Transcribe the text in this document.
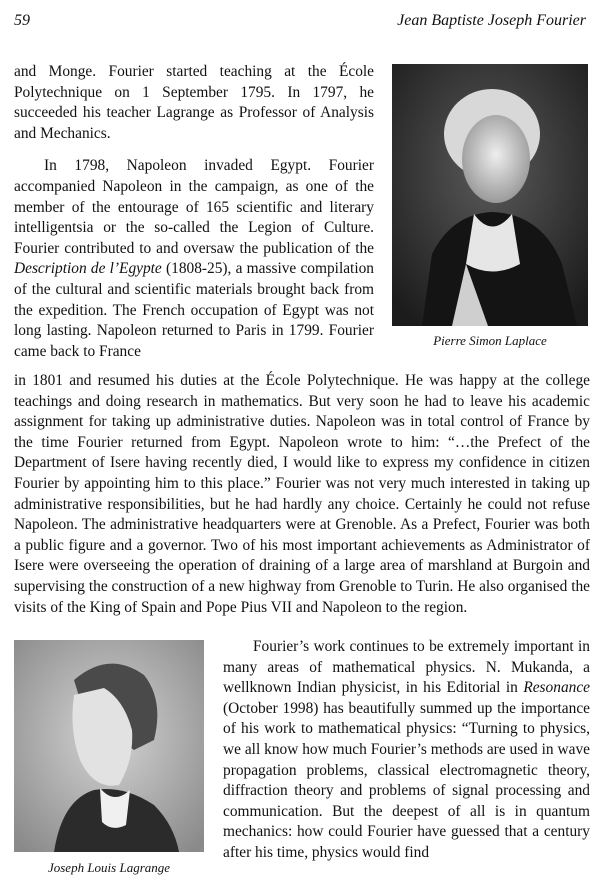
59	Jean Baptiste Joseph Fourier
Pierre Simon Laplace
Joseph Louis Lagrange

and Monge. Fourier started teaching at the École Polytechnique on 1 September 1795. In 1797, he succeeded his teacher Lagrange as Professor of Analysis and Mechanics.

In 1798, Napoleon invaded Egypt. Fourier accompanied Napoleon in the campaign, as one of the member of the entourage of 165 scientific and literary intelligentsia or the so-called the Legion of Culture. Fourier contributed to and oversaw the publication of the Description de l’Egypte (1808-25), a massive compilation of the cultural and scientific materials brought back from the expedition. The French occupation of Egypt was not long lasting. Napoleon returned to Paris in 1799. Fourier came back to France

in 1801 and resumed his duties at the École Polytechnique. He was happy at the college teachings and doing research in mathematics. But very soon he had to leave his academic assignment for taking up administrative duties. Napoleon was in total control of France by the time Fourier returned from Egypt. Napoleon wrote to him: “…the Prefect of the Department of Isere having recently died, I would like to express my confidence in citizen Fourier by appointing him to this place.” Fourier was not very much interested in taking up administrative responsibilities, but he had hardly any choice. Certainly he could not refuse Napoleon. The administrative headquarters were at Grenoble. As a Prefect, Fourier was both a public figure and a governor. Two of his most important achievements as Administrator of Isere were overseeing the operation of draining of a large area of marshland at Burgoin and supervising the construction of a new highway from Grenoble to Turin. He also organised the visits of the King of Spain and Pope Pius VII and Napoleon to the region.

Fourier’s work continues to be extremely important in many areas of mathematical physics. N. Mukanda, a wellknown Indian physicist, in his Editorial in Resonance (October 1998) has beautifully summed up the importance of his work to mathematical physics: “Turning to physics, we all know how much Fourier’s methods are used in wave propagation problems, classical electromagnetic theory, diffraction theory and problems of signal processing and communication. But the deepest of all is in quantum mechanics: how could Fourier have guessed that a century after his time, physics would find
